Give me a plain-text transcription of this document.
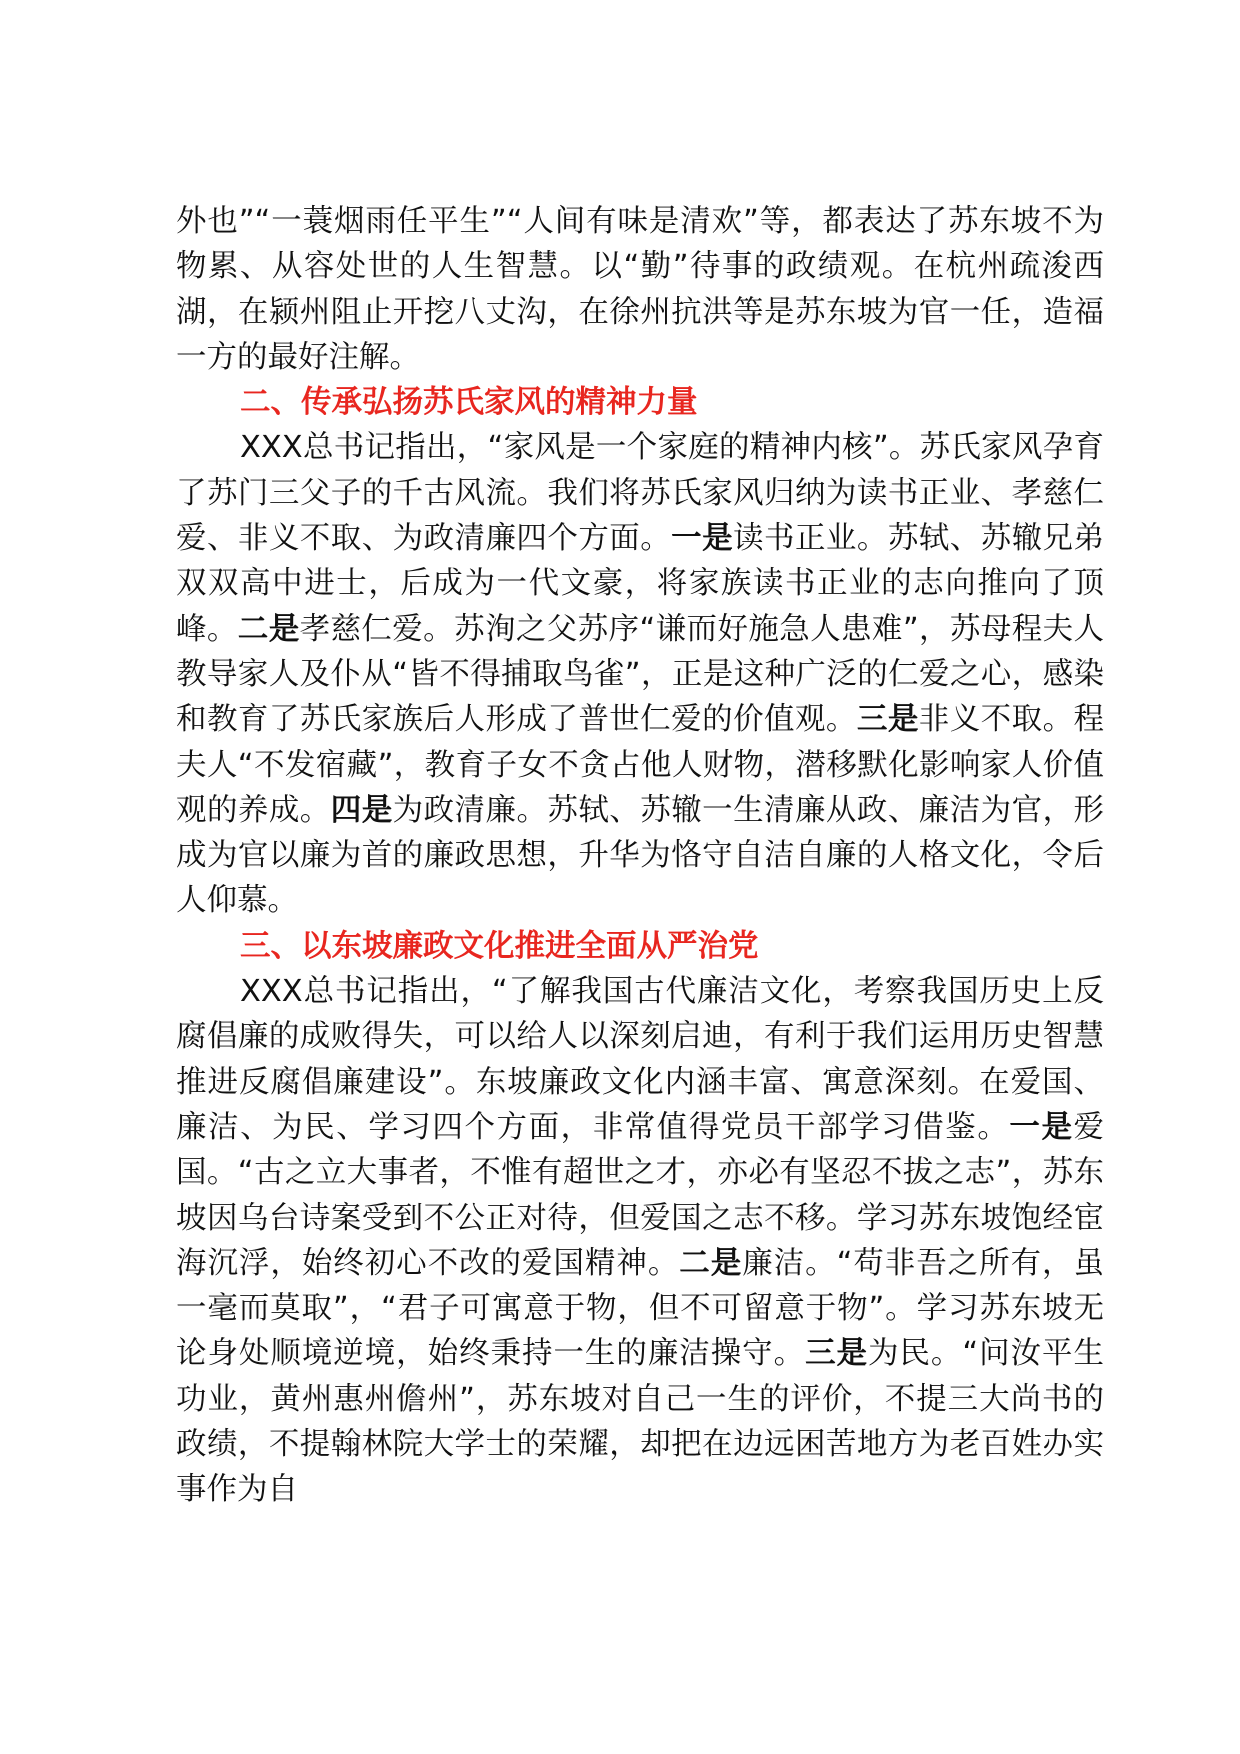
外也”“一蓑烟雨任平生”“人间有味是清欢”等，都表达了苏东坡不为物累、从容处世的人生智慧。以“勤”待事的政绩观。在杭州疏浚西湖，在颍州阻止开挖八丈沟，在徐州抗洪等是苏东坡为官一任，造福一方的最好注解。

二、传承弘扬苏氏家风的精神力量

XXX总书记指出，“家风是一个家庭的精神内核”。苏氏家风孕育了苏门三父子的千古风流。我们将苏氏家风归纳为读书正业、孝慈仁爱、非义不取、为政清廉四个方面。一是读书正业。苏轼、苏辙兄弟双双高中进士，后成为一代文豪，将家族读书正业的志向推向了顶峰。二是孝慈仁爱。苏洵之父苏序“谦而好施急人患难”，苏母程夫人教导家人及仆从“皆不得捕取鸟雀”，正是这种广泛的仁爱之心，感染和教育了苏氏家族后人形成了普世仁爱的价值观。三是非义不取。程夫人“不发宿藏”，教育子女不贪占他人财物，潜移默化影响家人价值观的养成。四是为政清廉。苏轼、苏辙一生清廉从政、廉洁为官，形成为官以廉为首的廉政思想，升华为恪守自洁自廉的人格文化，令后人仰慕。

三、以东坡廉政文化推进全面从严治党

XXX总书记指出，“了解我国古代廉洁文化，考察我国历史上反腐倡廉的成败得失，可以给人以深刻启迪，有利于我们运用历史智慧推进反腐倡廉建设”。东坡廉政文化内涵丰富、寓意深刻。在爱国、廉洁、为民、学习四个方面，非常值得党员干部学习借鉴。一是爱国。“古之立大事者，不惟有超世之才，亦必有坚忍不拔之志”，苏东坡因乌台诗案受到不公正对待，但爱国之志不移。学习苏东坡饱经宦海沉浮，始终初心不改的爱国精神。二是廉洁。“苟非吾之所有，虽一毫而莫取”，“君子可寓意于物，但不可留意于物”。学习苏东坡无论身处顺境逆境，始终秉持一生的廉洁操守。三是为民。“问汝平生功业，黄州惠州儋州”，苏东坡对自己一生的评价，不提三大尚书的政绩，不提翰林院大学士的荣耀，却把在边远困苦地方为老百姓办实事作为自
